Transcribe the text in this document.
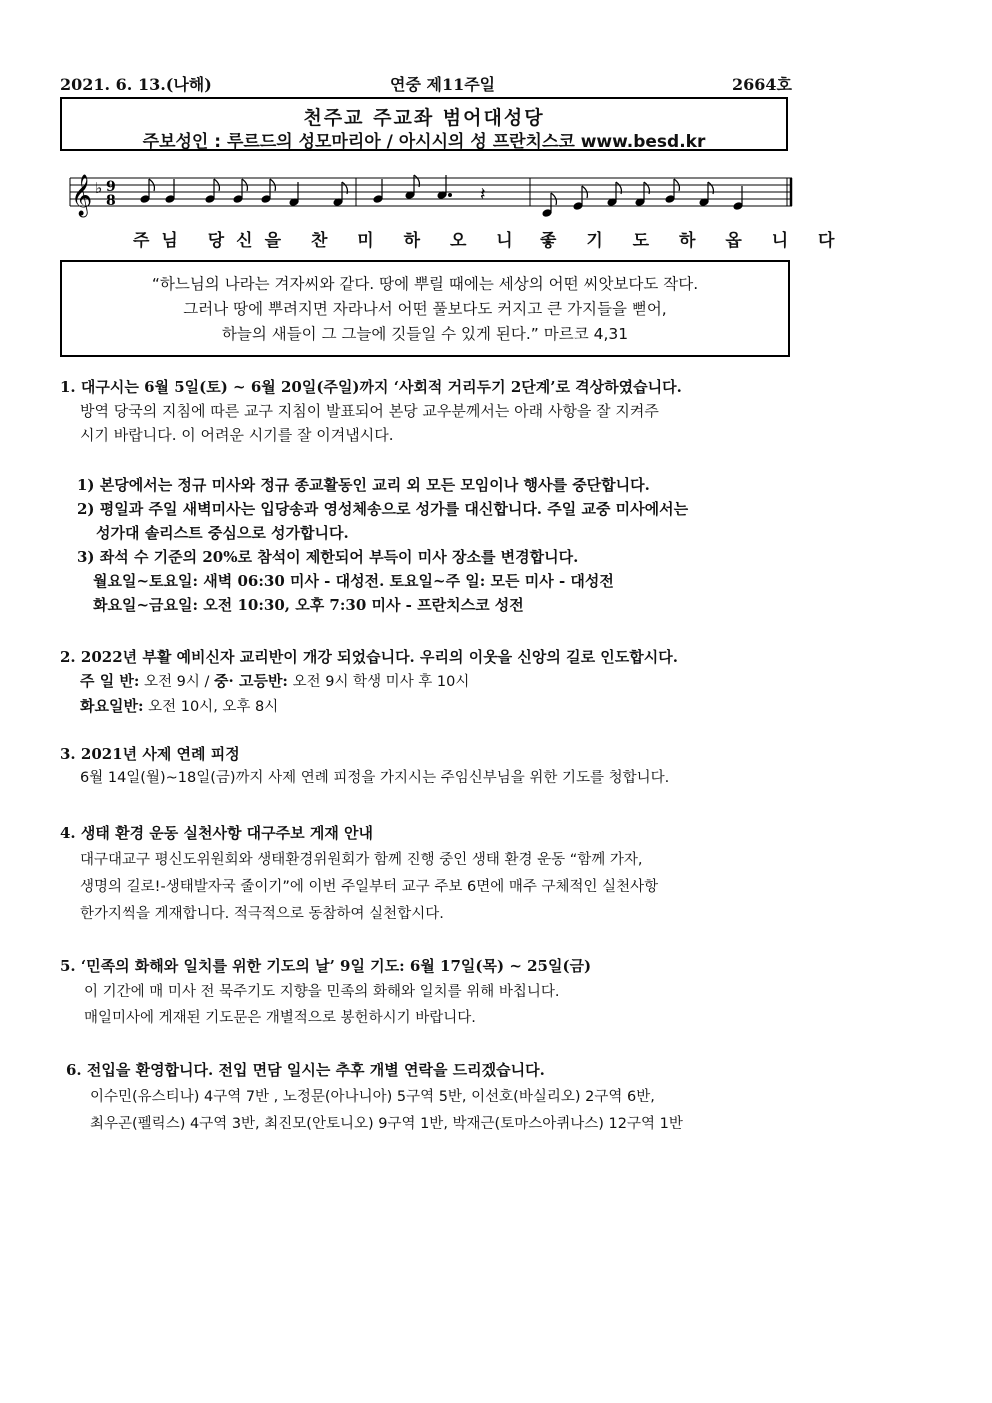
2021. 6. 13.(나해)	연중 제11주일	2664호
천주교 주교좌 범어대성당
주보성인 : 루르드의 성모마리아 / 아시시의 성 프란치스코 www.besd.kr
𝄞 ♭ 9
8	𝄽
주님 당신을 찬 미 하 오 니 좋 기 도 하 옵 니 다
“하느님의 나라는 겨자씨와 같다. 땅에 뿌릴 때에는 세상의 어떤 씨앗보다도 작다.
그러나 땅에 뿌려지면 자라나서 어떤 풀보다도 커지고 큰 가지들을 뻗어,
하늘의 새들이 그 그늘에 깃들일 수 있게 된다.” 마르코 4,31
1. 대구시는 6월 5일(토) ~ 6월 20일(주일)까지 ‘사회적 거리두기 2단계’로 격상하였습니다.
방역 당국의 지침에 따른 교구 지침이 발표되어 본당 교우분께서는 아래 사항을 잘 지켜주
시기 바랍니다. 이 어려운 시기를 잘 이겨냅시다.
1) 본당에서는 정규 미사와 정규 종교활동인 교리 외 모든 모임이나 행사를 중단합니다.
2) 평일과 주일 새벽미사는 입당송과 영성체송으로 성가를 대신합니다. 주일 교중 미사에서는
성가대 솔리스트 중심으로 성가합니다.
3) 좌석 수 기준의 20%로 참석이 제한되어 부득이 미사 장소를 변경합니다.
월요일~토요일: 새벽 06:30 미사 - 대성전. 토요일~주 일: 모든 미사 - 대성전
화요일~금요일: 오전 10:30, 오후 7:30 미사 - 프란치스코 성전
2. 2022년 부활 예비신자 교리반이 개강 되었습니다. 우리의 이웃을 신앙의 길로 인도합시다.
주 일 반: 오전 9시 / 중· 고등반: 오전 9시 학생 미사 후 10시
화요일반: 오전 10시, 오후 8시
3. 2021년 사제 연례 피정
6월 14일(월)~18일(금)까지 사제 연례 피정을 가지시는 주임신부님을 위한 기도를 청합니다.
4. 생태 환경 운동 실천사항 대구주보 게재 안내
대구대교구 평신도위원회와 생태환경위원회가 함께 진행 중인 생태 환경 운동 “함께 가자,
생명의 길로!-생태발자국 줄이기”에 이번 주일부터 교구 주보 6면에 매주 구체적인 실천사항
한가지씩을 게재합니다. 적극적으로 동참하여 실천합시다.
5. ‘민족의 화해와 일치를 위한 기도의 날’ 9일 기도: 6월 17일(목) ~ 25일(금)
이 기간에 매 미사 전 묵주기도 지향을 민족의 화해와 일치를 위해 바칩니다.
매일미사에 게재된 기도문은 개별적으로 봉헌하시기 바랍니다.
6. 전입을 환영합니다. 전입 면담 일시는 추후 개별 연락을 드리겠습니다.
이수민(유스티나) 4구역 7반 , 노정문(아나니아) 5구역 5반, 이선호(바실리오) 2구역 6반,
최우곤(펠릭스) 4구역 3반, 최진모(안토니오) 9구역 1반, 박재근(토마스아퀴나스) 12구역 1반
